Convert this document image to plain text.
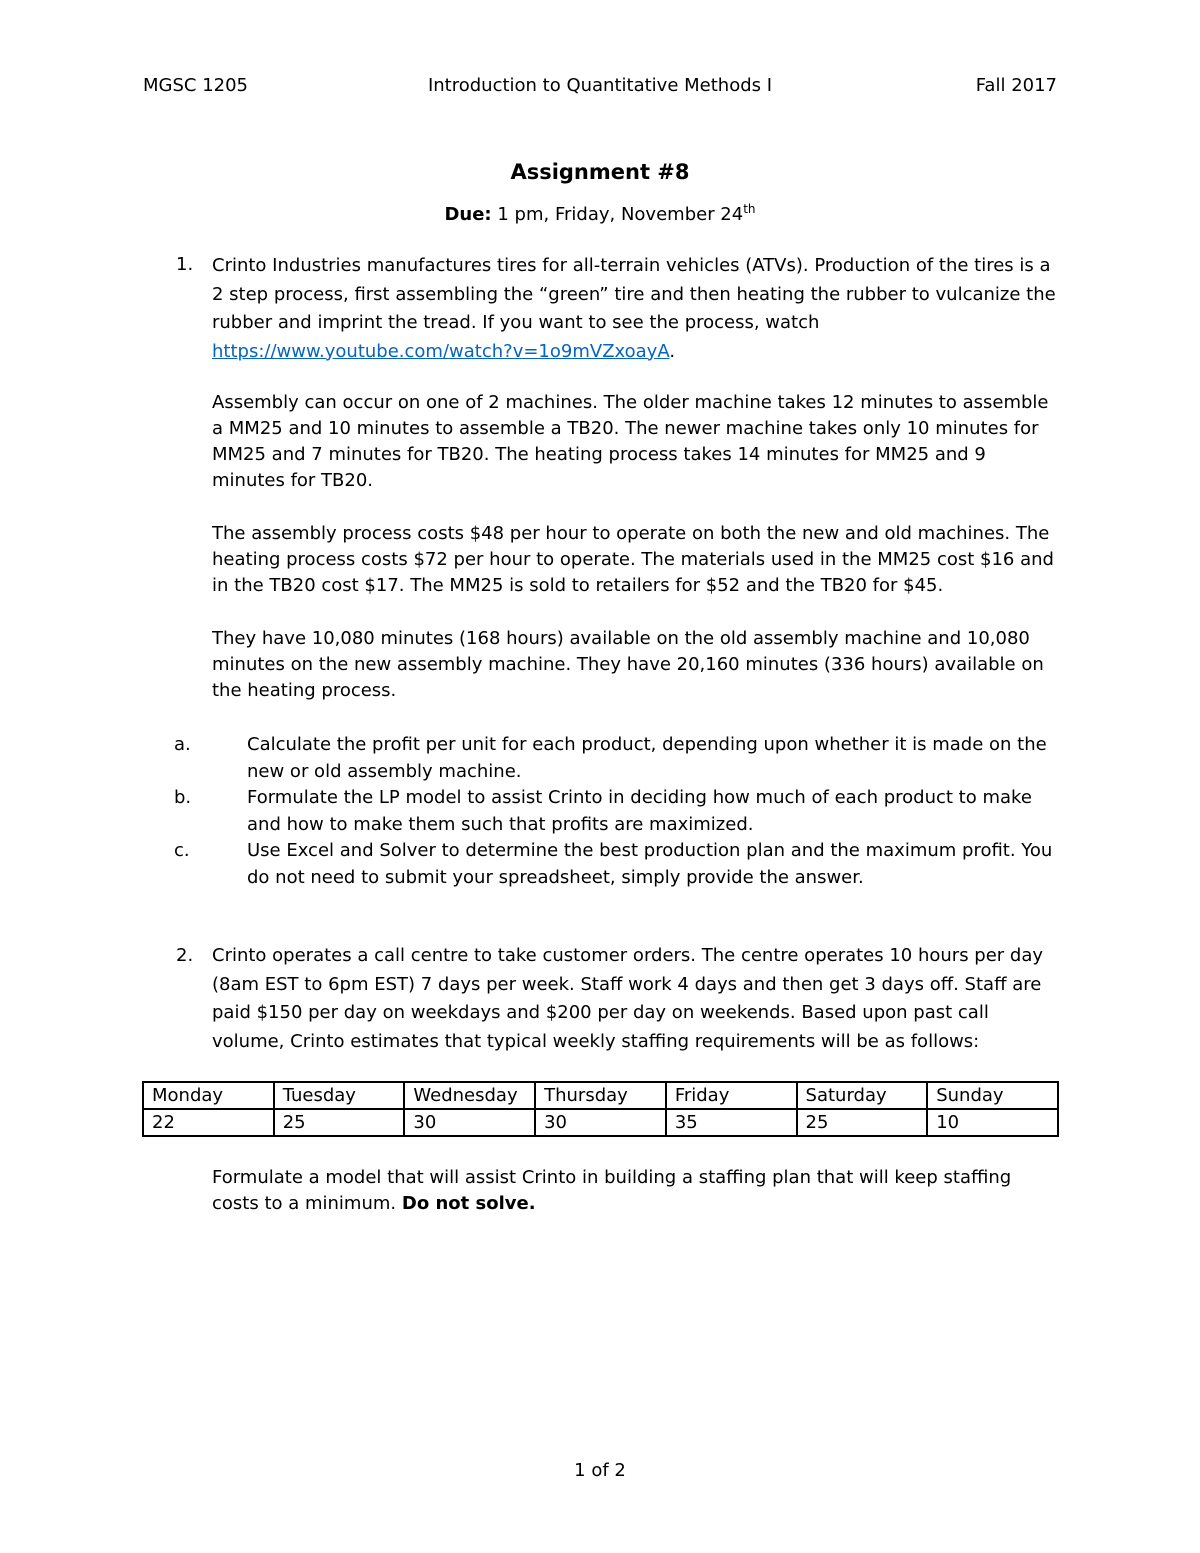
MGSC 1205	Introduction to Quantitative Methods I	Fall 2017
Assignment #8
Due: 1 pm, Friday, November 24th
1. Crinto Industries manufactures tires for all-terrain vehicles (ATVs). Production of the tires is a 2 step process, first assembling the “green” tire and then heating the rubber to vulcanize the rubber and imprint the tread. If you want to see the process, watch https://www.youtube.com/watch?v=1o9mVZxoayA.
Assembly can occur on one of 2 machines. The older machine takes 12 minutes to assemble a MM25 and 10 minutes to assemble a TB20. The newer machine takes only 10 minutes for MM25 and 7 minutes for TB20. The heating process takes 14 minutes for MM25 and 9 minutes for TB20.
The assembly process costs $48 per hour to operate on both the new and old machines. The heating process costs $72 per hour to operate. The materials used in the MM25 cost $16 and in the TB20 cost $17. The MM25 is sold to retailers for $52 and the TB20 for $45.
They have 10,080 minutes (168 hours) available on the old assembly machine and 10,080 minutes on the new assembly machine. They have 20,160 minutes (336 hours) available on the heating process.
a.	Calculate the profit per unit for each product, depending upon whether it is made on the new or old assembly machine.
b.	Formulate the LP model to assist Crinto in deciding how much of each product to make and how to make them such that profits are maximized.
c.	Use Excel and Solver to determine the best production plan and the maximum profit. You do not need to submit your spreadsheet, simply provide the answer.
2. Crinto operates a call centre to take customer orders. The centre operates 10 hours per day (8am EST to 6pm EST) 7 days per week. Staff work 4 days and then get 3 days off. Staff are paid $150 per day on weekdays and $200 per day on weekends. Based upon past call volume, Crinto estimates that typical weekly staffing requirements will be as follows:
Monday	Tuesday	Wednesday	Thursday	Friday	Saturday	Sunday
22	25	30	30	35	25	10
Formulate a model that will assist Crinto in building a staffing plan that will keep staffing costs to a minimum. Do not solve.
1 of 2
